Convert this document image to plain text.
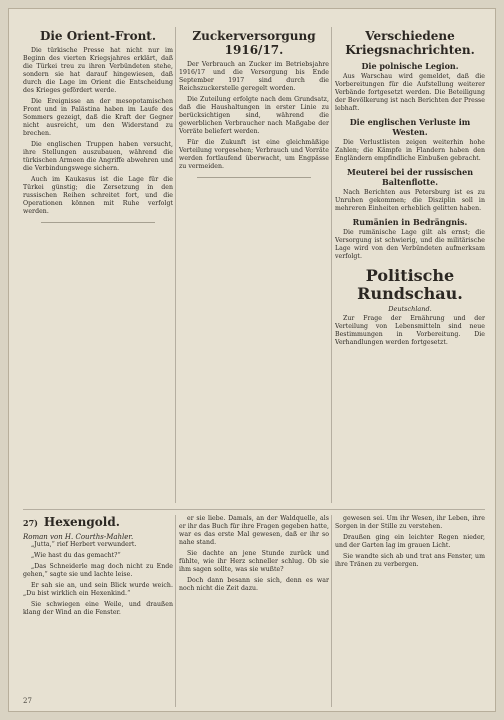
Die Orient-Front.

Die türkische Presse hat nicht nur im Beginn des vierten Kriegsjahres erklärt, daß die Türkei treu zu ihren Verbündeten stehe, sondern sie hat darauf hingewiesen, daß durch die Lage im Orient die Entscheidung des Krieges gefördert werde.

Die Ereignisse an der mesopotamischen Front und in Palästina haben im Laufe des Sommers gezeigt, daß die Kraft der Gegner nicht ausreicht, um den Widerstand zu brechen.

Die englischen Truppen haben versucht, ihre Stellungen auszubauen, während die türkischen Armeen die Angriffe abwehren und die Verbindungswege sichern.

Auch im Kaukasus ist die Lage für die Türkei günstig; die Zersetzung in den russischen Reihen schreitet fort, und die Operationen können mit Ruhe verfolgt werden.

Zuckerversorgung 1916/17.

Der Verbrauch an Zucker im Betriebsjahre 1916/17 und die Versorgung bis Ende September 1917 sind durch die Reichszuckerstelle geregelt worden.

Die Zuteilung erfolgte nach dem Grundsatz, daß die Haushaltungen in erster Linie zu berücksichtigen sind, während die gewerblichen Verbraucher nach Maßgabe der Vorräte beliefert werden.

Für die Zukunft ist eine gleichmäßige Verteilung vorgesehen; Verbrauch und Vorräte werden fortlaufend überwacht, um Engpässe zu vermeiden.

Verschiedene Kriegsnachrichten.
Die polnische Legion.

Aus Warschau wird gemeldet, daß die Vorbereitungen für die Aufstellung weiterer Verbände fortgesetzt werden. Die Beteiligung der Bevölkerung ist nach Berichten der Presse lebhaft.

Die englischen Verluste im Westen.

Die Verlustlisten zeigen weiterhin hohe Zahlen; die Kämpfe in Flandern haben den Engländern empfindliche Einbußen gebracht.

Meuterei bei der russischen Baltenflotte.

Nach Berichten aus Petersburg ist es zu Unruhen gekommen; die Disziplin soll in mehreren Einheiten erheblich gelitten haben.

Rumänien in Bedrängnis.

Die rumänische Lage gilt als ernst; die Versorgung ist schwierig, und die militärische Lage wird von den Verbündeten aufmerksam verfolgt.

Politische Rundschau.
Deutschland.

Zur Frage der Ernährung und der Verteilung von Lebensmitteln sind neue Bestimmungen in Vorbereitung. Die Verhandlungen werden fortgesetzt.

27) Hexengold.
Roman von H. Courths-Mahler.

„Jutta,“ rief Herbert verwundert.

„Wie hast du das gemacht?“

„Das Schneiderle mag doch nicht zu Ende gehen,“ sagte sie und lachte leise.

Er sah sie an, und sein Blick wurde weich. „Du bist wirklich ein Hexenkind.“

Sie schwiegen eine Weile, und draußen klang der Wind an die Fenster.

er sie liebe. Damals, an der Waldquelle, als er ihr das Buch für ihre Fragen gegeben hatte, war es das erste Mal gewesen, daß er ihr so nahe stand.

Sie dachte an jene Stunde zurück und fühlte, wie ihr Herz schneller schlug. Ob sie ihm sagen sollte, was sie wußte?

Doch dann besann sie sich, denn es war noch nicht die Zeit dazu.

gewesen sei. Um ihr Wesen, ihr Leben, ihre Sorgen in der Stille zu verstehen.

Draußen ging ein leichter Regen nieder, und der Garten lag im grauen Licht.

Sie wandte sich ab und trat ans Fenster, um ihre Tränen zu verbergen.

27
